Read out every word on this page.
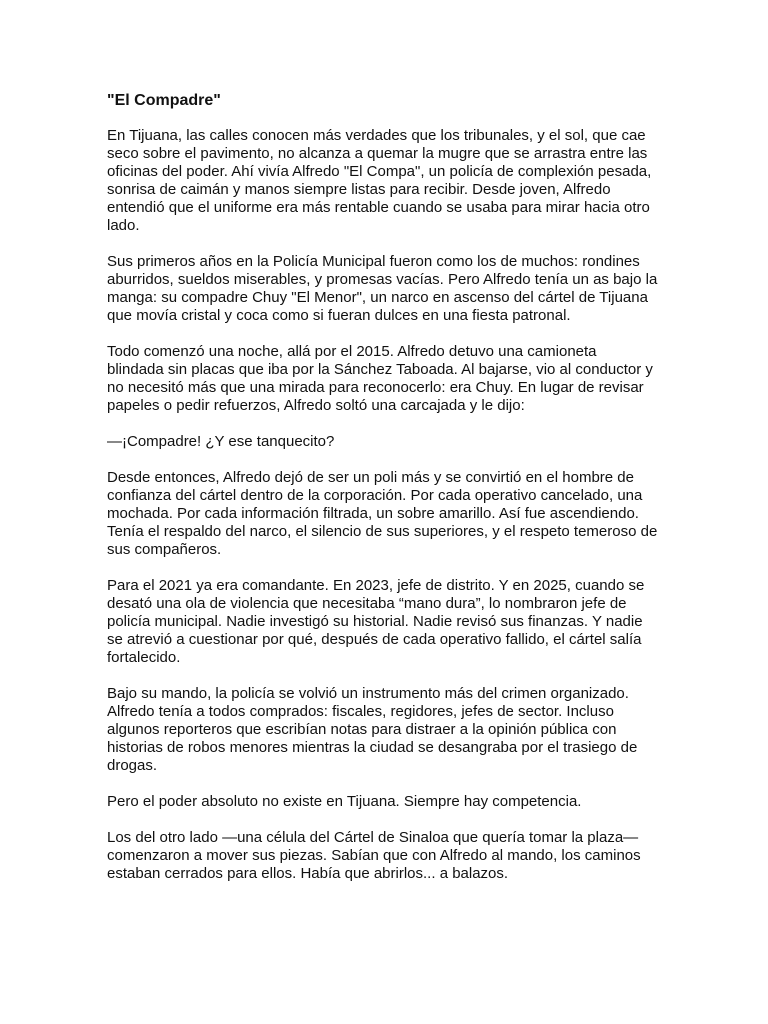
"El Compadre"
En Tijuana, las calles conocen más verdades que los tribunales, y el sol, que cae
seco sobre el pavimento, no alcanza a quemar la mugre que se arrastra entre las
oficinas del poder. Ahí vivía Alfredo "El Compa", un policía de complexión pesada,
sonrisa de caimán y manos siempre listas para recibir. Desde joven, Alfredo
entendió que el uniforme era más rentable cuando se usaba para mirar hacia otro
lado.
Sus primeros años en la Policía Municipal fueron como los de muchos: rondines
aburridos, sueldos miserables, y promesas vacías. Pero Alfredo tenía un as bajo la
manga: su compadre Chuy "El Menor", un narco en ascenso del cártel de Tijuana
que movía cristal y coca como si fueran dulces en una fiesta patronal.
Todo comenzó una noche, allá por el 2015. Alfredo detuvo una camioneta
blindada sin placas que iba por la Sánchez Taboada. Al bajarse, vio al conductor y
no necesitó más que una mirada para reconocerlo: era Chuy. En lugar de revisar
papeles o pedir refuerzos, Alfredo soltó una carcajada y le dijo:
—¡Compadre! ¿Y ese tanquecito?
Desde entonces, Alfredo dejó de ser un poli más y se convirtió en el hombre de
confianza del cártel dentro de la corporación. Por cada operativo cancelado, una
mochada. Por cada información filtrada, un sobre amarillo. Así fue ascendiendo.
Tenía el respaldo del narco, el silencio de sus superiores, y el respeto temeroso de
sus compañeros.
Para el 2021 ya era comandante. En 2023, jefe de distrito. Y en 2025, cuando se
desató una ola de violencia que necesitaba “mano dura”, lo nombraron jefe de
policía municipal. Nadie investigó su historial. Nadie revisó sus finanzas. Y nadie
se atrevió a cuestionar por qué, después de cada operativo fallido, el cártel salía
fortalecido.
Bajo su mando, la policía se volvió un instrumento más del crimen organizado.
Alfredo tenía a todos comprados: fiscales, regidores, jefes de sector. Incluso
algunos reporteros que escribían notas para distraer a la opinión pública con
historias de robos menores mientras la ciudad se desangraba por el trasiego de
drogas.
Pero el poder absoluto no existe en Tijuana. Siempre hay competencia.
Los del otro lado —una célula del Cártel de Sinaloa que quería tomar la plaza—
comenzaron a mover sus piezas. Sabían que con Alfredo al mando, los caminos
estaban cerrados para ellos. Había que abrirlos... a balazos.
